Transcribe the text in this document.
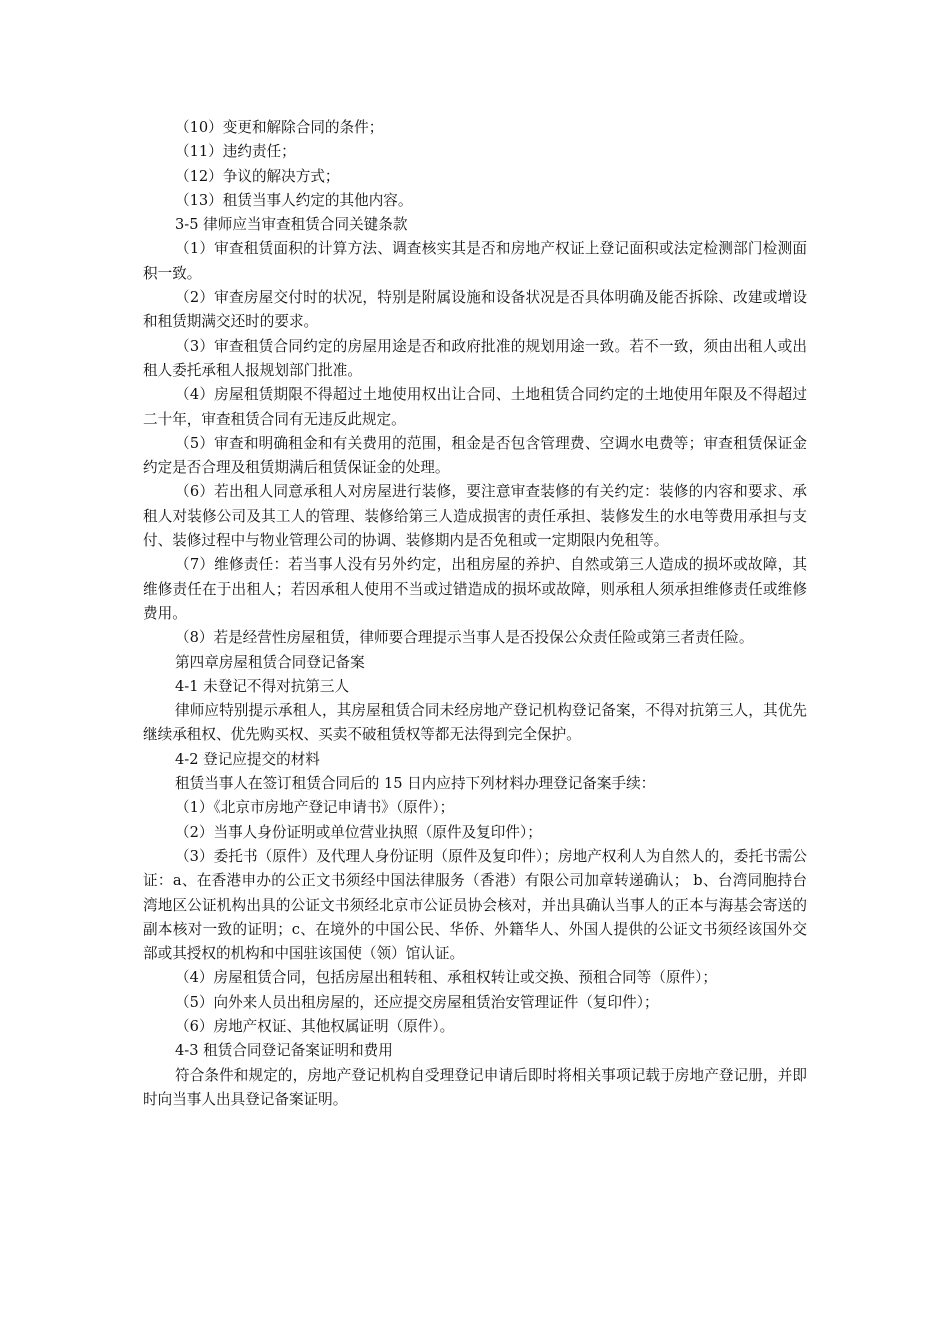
（10）变更和解除合同的条件；

（11）违约责任；

（12）争议的解决方式；

（13）租赁当事人约定的其他内容。

3-5 律师应当审查租赁合同关键条款

（1）审查租赁面积的计算方法、调查核实其是否和房地产权证上登记面积或法定检测部门检测面积一致。

（2）审查房屋交付时的状况，特别是附属设施和设备状况是否具体明确及能否拆除、改建或增设和租赁期满交还时的要求。

（3）审查租赁合同约定的房屋用途是否和政府批准的规划用途一致。若不一致，须由出租人或出租人委托承租人报规划部门批准。

（4）房屋租赁期限不得超过土地使用权出让合同、土地租赁合同约定的土地使用年限及不得超过二十年，审查租赁合同有无违反此规定。

（5）审查和明确租金和有关费用的范围，租金是否包含管理费、空调水电费等；审查租赁保证金约定是否合理及租赁期满后租赁保证金的处理。

（6）若出租人同意承租人对房屋进行装修，要注意审查装修的有关约定：装修的内容和要求、承租人对装修公司及其工人的管理、装修给第三人造成损害的责任承担、装修发生的水电等费用承担与支付、装修过程中与物业管理公司的协调、装修期内是否免租或一定期限内免租等。

（7）维修责任：若当事人没有另外约定，出租房屋的养护、自然或第三人造成的损坏或故障，其维修责任在于出租人；若因承租人使用不当或过错造成的损坏或故障，则承租人须承担维修责任或维修费用。

（8）若是经营性房屋租赁，律师要合理提示当事人是否投保公众责任险或第三者责任险。

第四章房屋租赁合同登记备案

4-1 未登记不得对抗第三人

律师应特别提示承租人，其房屋租赁合同未经房地产登记机构登记备案，不得对抗第三人，其优先继续承租权、优先购买权、买卖不破租赁权等都无法得到完全保护。

4-2 登记应提交的材料

租赁当事人在签订租赁合同后的 15 日内应持下列材料办理登记备案手续：

（1）《北京市房地产登记申请书》（原件）；

（2）当事人身份证明或单位营业执照（原件及复印件）；

（3）委托书（原件）及代理人身份证明（原件及复印件）；房地产权利人为自然人的，委托书需公证：a、在香港申办的公正文书须经中国法律服务（香港）有限公司加章转递确认； b、台湾同胞持台湾地区公证机构出具的公证文书须经北京市公证员协会核对，并出具确认当事人的正本与海基会寄送的副本核对一致的证明；c、在境外的中国公民、华侨、外籍华人、外国人提供的公证文书须经该国外交部或其授权的机构和中国驻该国使（领）馆认证。

（4）房屋租赁合同，包括房屋出租转租、承租权转让或交换、预租合同等（原件）；

（5）向外来人员出租房屋的，还应提交房屋租赁治安管理证件（复印件）；

（6）房地产权证、其他权属证明（原件）。

4-3 租赁合同登记备案证明和费用

符合条件和规定的，房地产登记机构自受理登记申请后即时将相关事项记载于房地产登记册，并即时向当事人出具登记备案证明。
